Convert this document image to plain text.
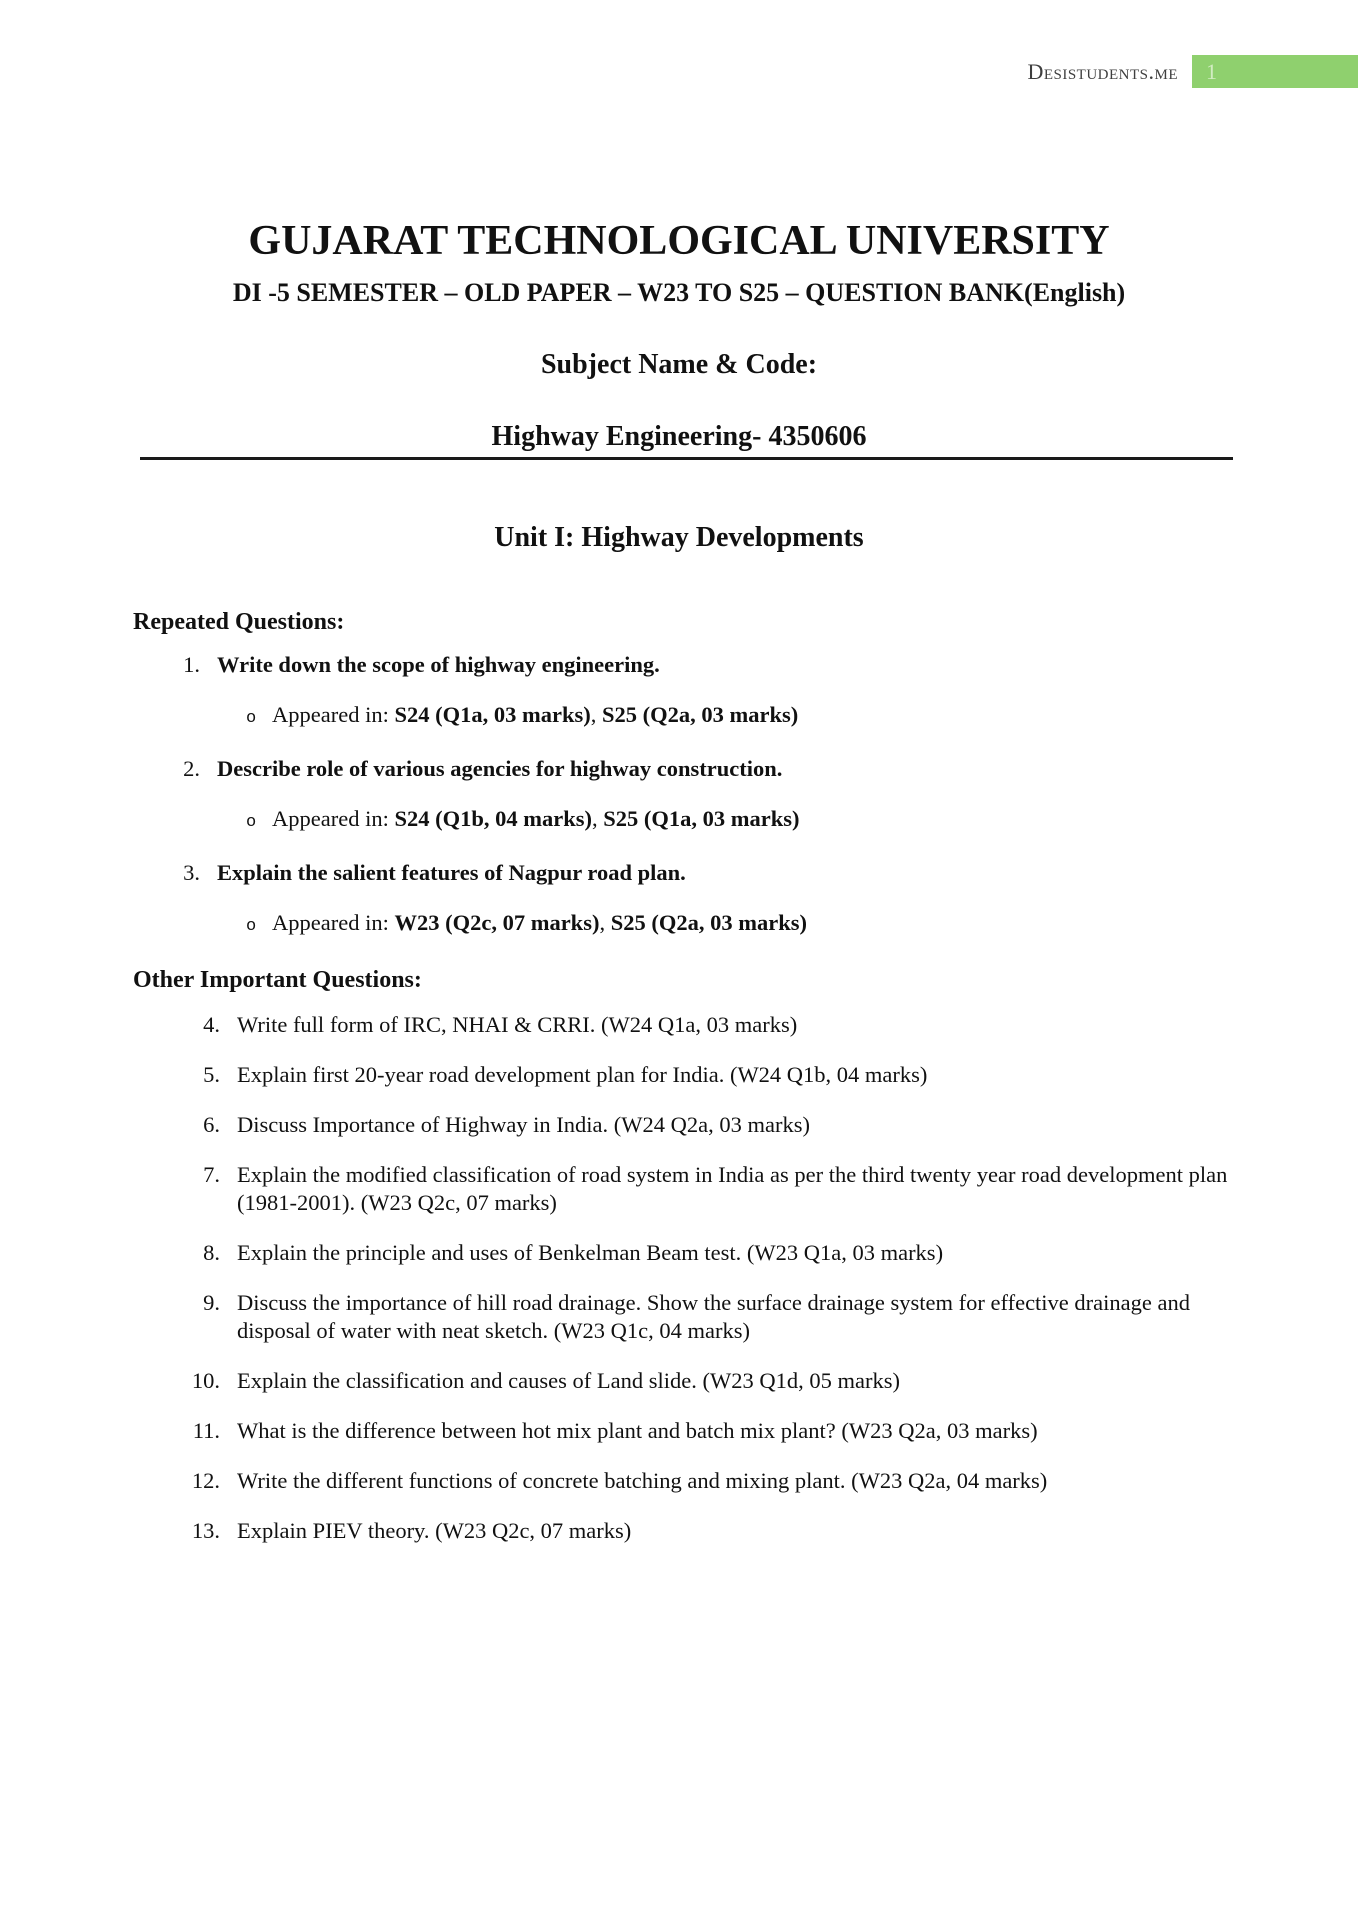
Desistudents.me	1
GUJARAT TECHNOLOGICAL UNIVERSITY
DI -5 SEMESTER – OLD PAPER – W23 TO S25 – QUESTION BANK(English)
Subject Name & Code:
Highway Engineering- 4350606
Unit I: Highway Developments
Repeated Questions:
1. Write down the scope of highway engineering.
o Appeared in: S24 (Q1a, 03 marks), S25 (Q2a, 03 marks)
2. Describe role of various agencies for highway construction.
o Appeared in: S24 (Q1b, 04 marks), S25 (Q1a, 03 marks)
3. Explain the salient features of Nagpur road plan.
o Appeared in: W23 (Q2c, 07 marks), S25 (Q2a, 03 marks)
Other Important Questions:
4. Write full form of IRC, NHAI & CRRI. (W24 Q1a, 03 marks)
5. Explain first 20-year road development plan for India. (W24 Q1b, 04 marks)
6. Discuss Importance of Highway in India. (W24 Q2a, 03 marks)
7. Explain the modified classification of road system in India as per the third twenty year road development plan (1981-2001). (W23 Q2c, 07 marks)
8. Explain the principle and uses of Benkelman Beam test. (W23 Q1a, 03 marks)
9. Discuss the importance of hill road drainage. Show the surface drainage system for effective drainage and disposal of water with neat sketch. (W23 Q1c, 04 marks)
10. Explain the classification and causes of Land slide. (W23 Q1d, 05 marks)
11. What is the difference between hot mix plant and batch mix plant? (W23 Q2a, 03 marks)
12. Write the different functions of concrete batching and mixing plant. (W23 Q2a, 04 marks)
13. Explain PIEV theory. (W23 Q2c, 07 marks)
